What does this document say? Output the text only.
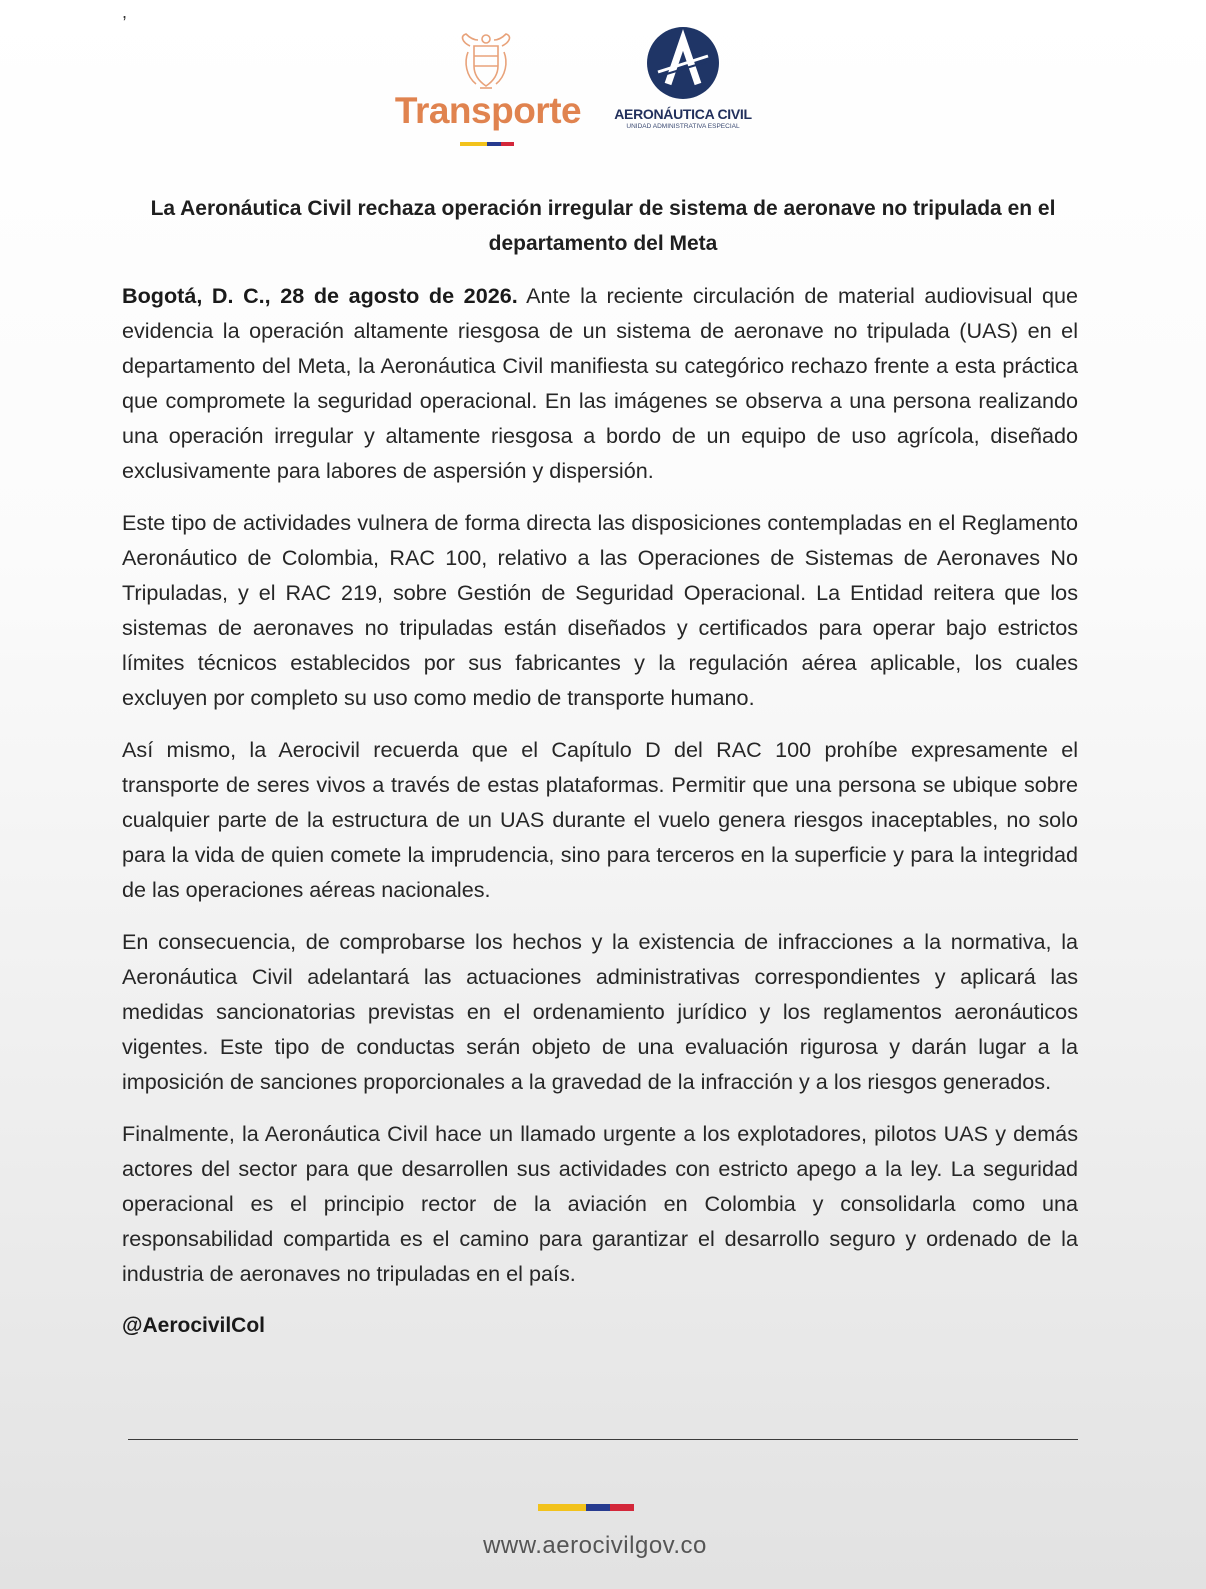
,
Transporte	AERONÁUTICA CIVIL
UNIDAD ADMINISTRATIVA ESPECIAL
La Aeronáutica Civil rechaza operación irregular de sistema de aeronave no tripulada en el departamento del Meta

Bogotá, D. C., 28 de agosto de 2026. Ante la reciente circulación de material audiovisual que evidencia la operación altamente riesgosa de un sistema de aeronave no tripulada (UAS) en el departamento del Meta, la Aeronáutica Civil manifiesta su categórico rechazo frente a esta práctica que compromete la seguridad operacional. En las imágenes se observa a una persona realizando una operación irregular y altamente riesgosa a bordo de un equipo de uso agrícola, diseñado exclusivamente para labores de aspersión y dispersión.

Este tipo de actividades vulnera de forma directa las disposiciones contempladas en el Reglamento Aeronáutico de Colombia, RAC 100, relativo a las Operaciones de Sistemas de Aeronaves No Tripuladas, y el RAC 219, sobre Gestión de Seguridad Operacional. La Entidad reitera que los sistemas de aeronaves no tripuladas están diseñados y certificados para operar bajo estrictos límites técnicos establecidos por sus fabricantes y la regulación aérea aplicable, los cuales excluyen por completo su uso como medio de transporte humano.

Así mismo, la Aerocivil recuerda que el Capítulo D del RAC 100 prohíbe expresamente el transporte de seres vivos a través de estas plataformas. Permitir que una persona se ubique sobre cualquier parte de la estructura de un UAS durante el vuelo genera riesgos inaceptables, no solo para la vida de quien comete la imprudencia, sino para terceros en la superficie y para la integridad de las operaciones aéreas nacionales.

En consecuencia, de comprobarse los hechos y la existencia de infracciones a la normativa, la Aeronáutica Civil adelantará las actuaciones administrativas correspondientes y aplicará las medidas sancionatorias previstas en el ordenamiento jurídico y los reglamentos aeronáuticos vigentes. Este tipo de conductas serán objeto de una evaluación rigurosa y darán lugar a la imposición de sanciones proporcionales a la gravedad de la infracción y a los riesgos generados.

Finalmente, la Aeronáutica Civil hace un llamado urgente a los explotadores, pilotos UAS y demás actores del sector para que desarrollen sus actividades con estricto apego a la ley. La seguridad operacional es el principio rector de la aviación en Colombia y consolidarla como una responsabilidad compartida es el camino para garantizar el desarrollo seguro y ordenado de la industria de aeronaves no tripuladas en el país.

@AerocivilCol

www.aerocivilgov.co
